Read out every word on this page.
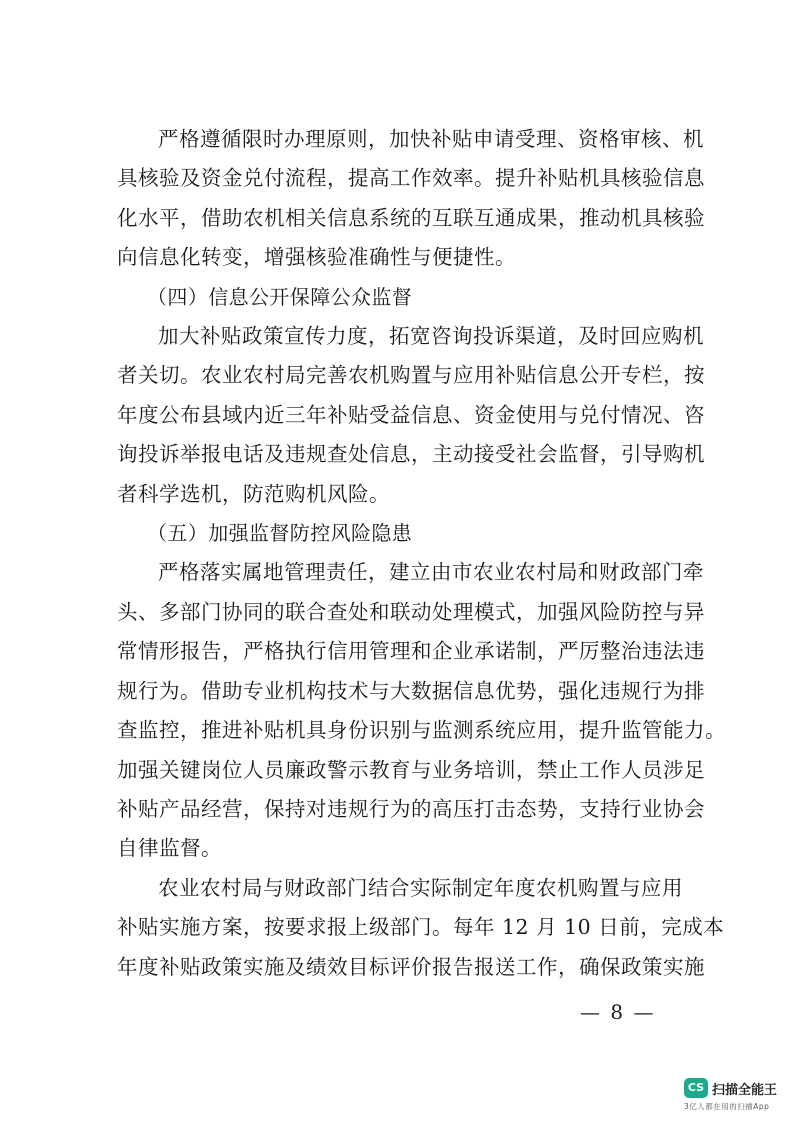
严格遵循限时办理原则，加快补贴申请受理、资格审核、机
具核验及资金兑付流程，提高工作效率。提升补贴机具核验信息
化水平，借助农机相关信息系统的互联互通成果，推动机具核验
向信息化转变，增强核验准确性与便捷性。

（四）信息公开保障公众监督

加大补贴政策宣传力度，拓宽咨询投诉渠道，及时回应购机
者关切。农业农村局完善农机购置与应用补贴信息公开专栏，按
年度公布县域内近三年补贴受益信息、资金使用与兑付情况、咨
询投诉举报电话及违规查处信息，主动接受社会监督，引导购机
者科学选机，防范购机风险。

（五）加强监督防控风险隐患

严格落实属地管理责任，建立由市农业农村局和财政部门牵
头、多部门协同的联合查处和联动处理模式，加强风险防控与异
常情形报告，严格执行信用管理和企业承诺制，严厉整治违法违
规行为。借助专业机构技术与大数据信息优势，强化违规行为排
查监控，推进补贴机具身份识别与监测系统应用，提升监管能力。
加强关键岗位人员廉政警示教育与业务培训，禁止工作人员涉足
补贴产品经营，保持对违规行为的高压打击态势，支持行业协会
自律监督。

农业农村局与财政部门结合实际制定年度农机购置与应用
补贴实施方案，按要求报上级部门。每年 12 月 10 日前，完成本
年度补贴政策实施及绩效目标评价报告报送工作，确保政策实施

— 8 —
CS 扫描全能王
3亿人都在用的扫描App
